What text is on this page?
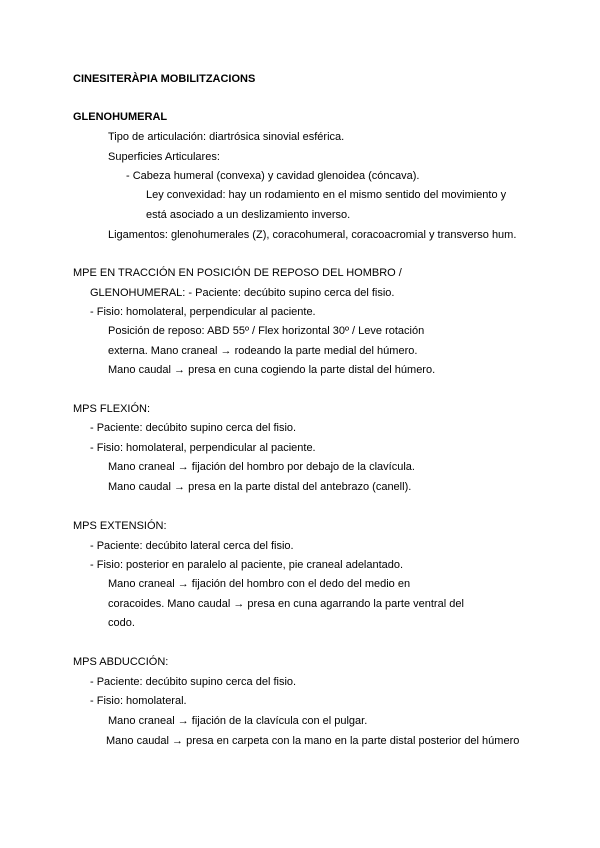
CINESITERÀPIA MOBILITZACIONS
GLENOHUMERAL
Tipo de articulación: diartrósica sinovial esférica.
Superficies Articulares:
- Cabeza humeral (convexa) y cavidad glenoidea (cóncava).
Ley convexidad: hay un rodamiento en el mismo sentido del movimiento y
está asociado a un deslizamiento inverso.
Ligamentos: glenohumerales (Z), coracohumeral, coracoacromial y transverso hum.
MPE EN TRACCIÓN EN POSICIÓN DE REPOSO DEL HOMBRO /
GLENOHUMERAL: - Paciente: decúbito supino cerca del fisio.
- Fisio: homolateral, perpendicular al paciente.
Posición de reposo: ABD 55º / Flex horizontal 30º / Leve rotación
externa. Mano craneal → rodeando la parte medial del húmero.
Mano caudal → presa en cuna cogiendo la parte distal del húmero.
MPS FLEXIÓN:
- Paciente: decúbito supino cerca del fisio.
- Fisio: homolateral, perpendicular al paciente.
Mano craneal → fijación del hombro por debajo de la clavícula.
Mano caudal → presa en la parte distal del antebrazo (canell).
MPS EXTENSIÓN:
- Paciente: decúbito lateral cerca del fisio.
- Fisio: posterior en paralelo al paciente, pie craneal adelantado.
Mano craneal → fijación del hombro con el dedo del medio en
coracoides. Mano caudal → presa en cuna agarrando la parte ventral del
codo.
MPS ABDUCCIÓN:
- Paciente: decúbito supino cerca del fisio.
- Fisio: homolateral.
Mano craneal → fijación de la clavícula con el pulgar.
Mano caudal → presa en carpeta con la mano en la parte distal posterior del húmero
